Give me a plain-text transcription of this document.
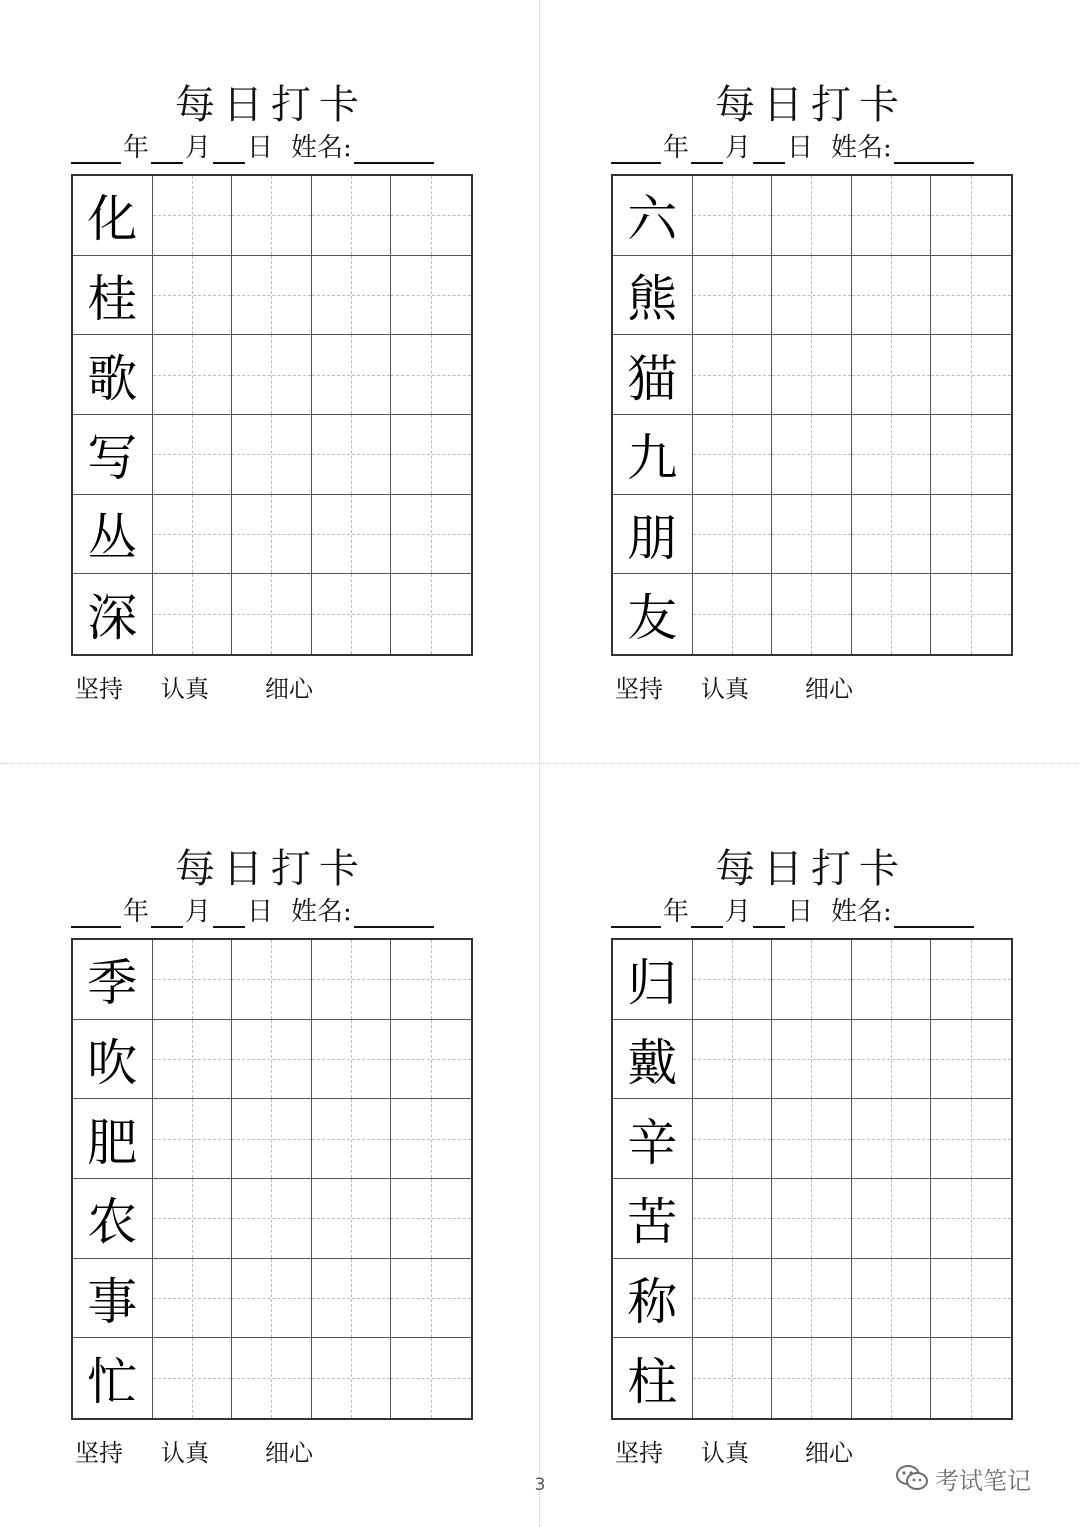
每日打卡
年 月 日 姓名:
化
桂
歌
写
丛
深
坚持 认真 细心
每日打卡
年 月 日 姓名:
六
熊
猫
九
朋
友
坚持 认真 细心
每日打卡
年 月 日 姓名:
季
吹
肥
农
事
忙
坚持 认真 细心
每日打卡
年 月 日 姓名:
归
戴
辛
苦
称
柱
坚持 认真 细心
3	考试笔记
